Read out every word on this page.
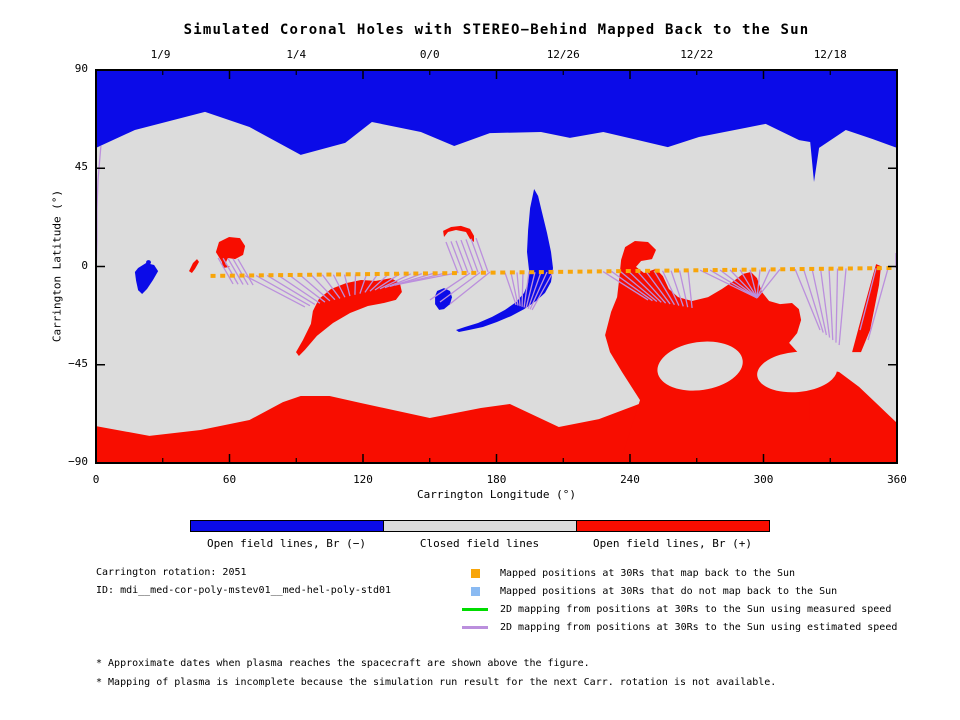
Simulated Coronal Holes with STEREO−Behind Mapped Back to the Sun
Carrington Latitude (°)
Carrington Longitude (°)
Open field lines, Br (−)	Closed field lines	Open field lines, Br (+)
Carrington rotation: 2051
ID: mdi__med-cor-poly-mstev01__med-hel-poly-std01
Mapped positions at 30Rs that map back to the Sun
Mapped positions at 30Rs that do not map back to the Sun
2D mapping from positions at 30Rs to the Sun using measured speed
2D mapping from positions at 30Rs to the Sun using estimated speed
* Approximate dates when plasma reaches the spacecraft are shown above the figure.
* Mapping of plasma is incomplete because the simulation run result for the next Carr. rotation is not available.
0	60	120	180	240	300	360
90
45
0
−45
−90
1/9	1/4	0/0	12/26	12/22	12/18
